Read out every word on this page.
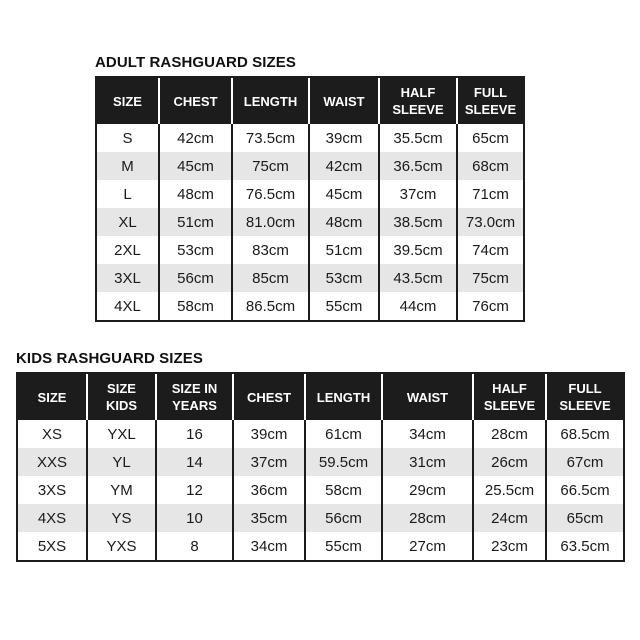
ADULT RASHGUARD SIZES
SIZE	CHEST	LENGTH	WAIST	HALF SLEEVE	FULL SLEEVE
S	42cm	73.5cm	39cm	35.5cm	65cm
M	45cm	75cm	42cm	36.5cm	68cm
L	48cm	76.5cm	45cm	37cm	71cm
XL	51cm	81.0cm	48cm	38.5cm	73.0cm
2XL	53cm	83cm	51cm	39.5cm	74cm
3XL	56cm	85cm	53cm	43.5cm	75cm
4XL	58cm	86.5cm	55cm	44cm	76cm
KIDS RASHGUARD SIZES
SIZE	SIZE KIDS	SIZE IN YEARS	CHEST	LENGTH	WAIST	HALF SLEEVE	FULL SLEEVE
XS	YXL	16	39cm	61cm	34cm	28cm	68.5cm
XXS	YL	14	37cm	59.5cm	31cm	26cm	67cm
3XS	YM	12	36cm	58cm	29cm	25.5cm	66.5cm
4XS	YS	10	35cm	56cm	28cm	24cm	65cm
5XS	YXS	8	34cm	55cm	27cm	23cm	63.5cm
